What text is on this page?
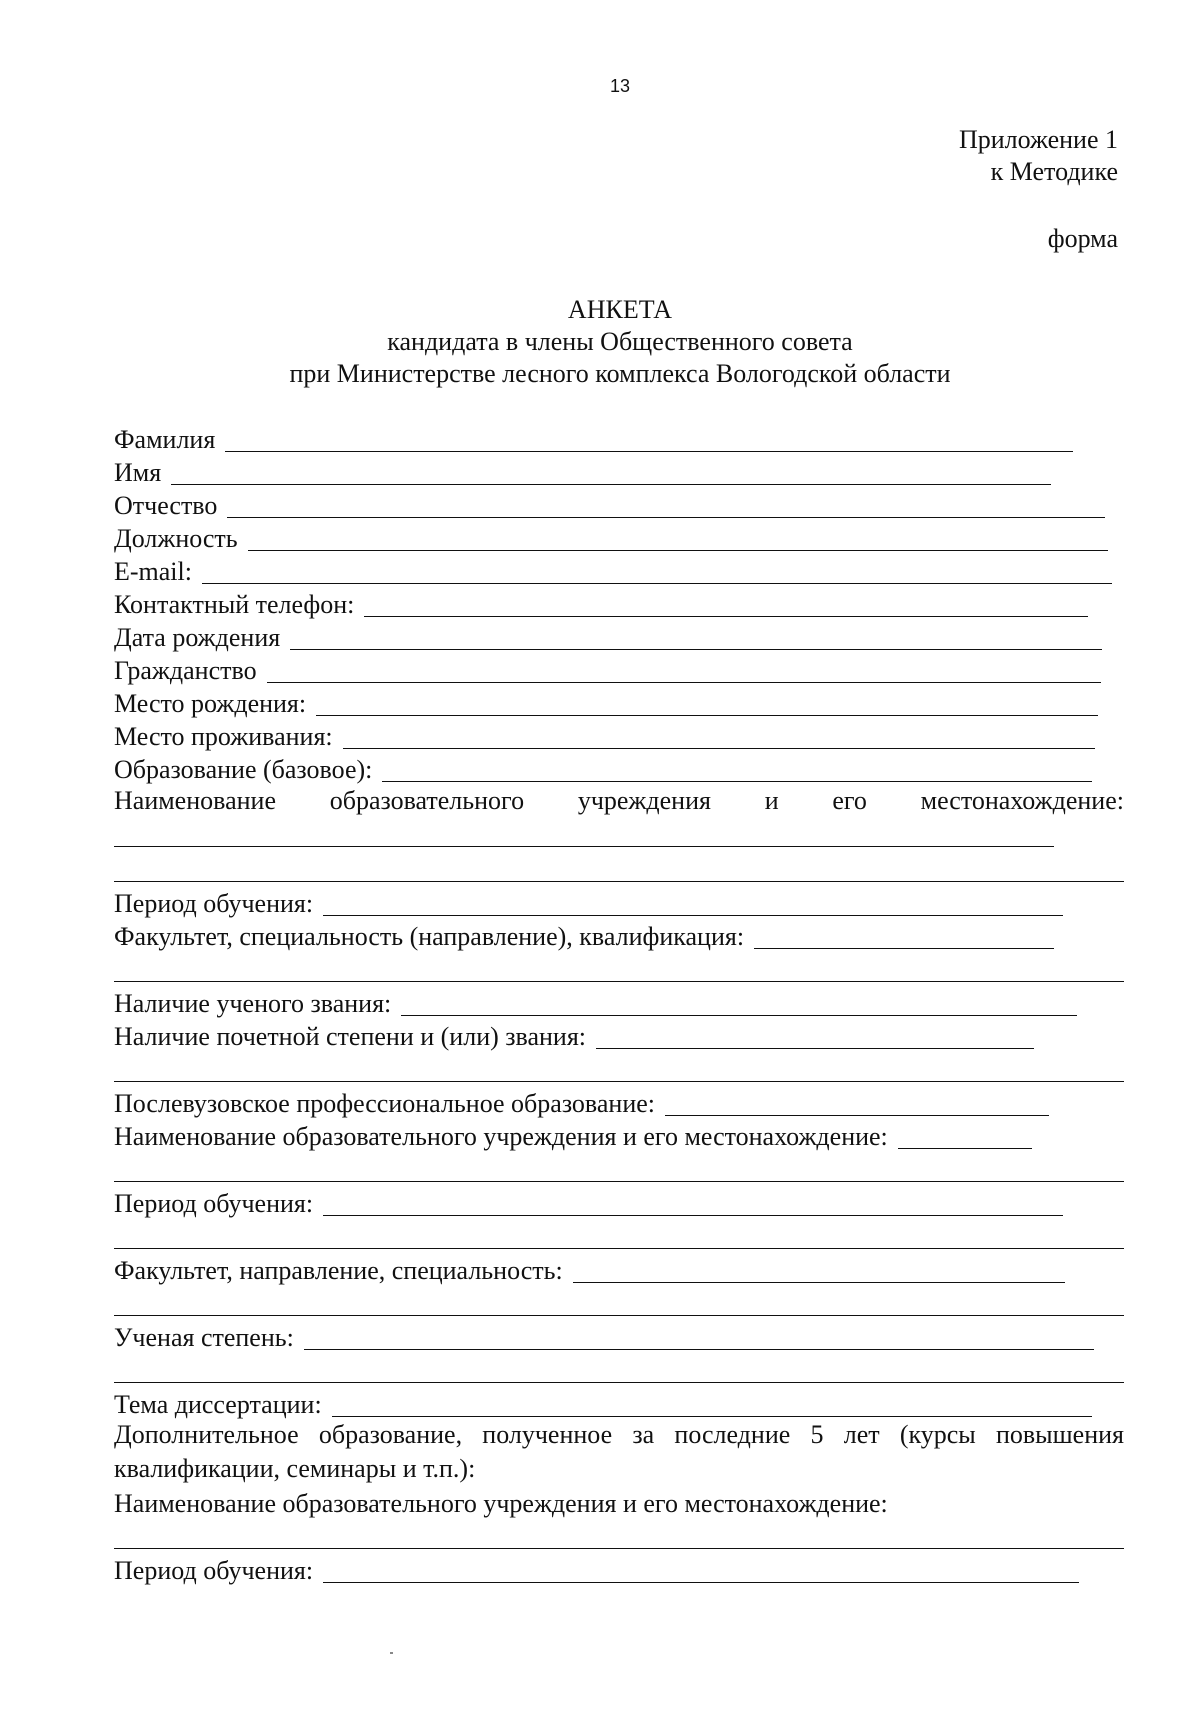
13
Приложение 1
к Методике
форма
АНКЕТА
кандидата в члены Общественного совета
при Министерстве лесного комплекса Вологодской области
Фамилия
Имя
Отчество
Должность
E-mail:
Контактный телефон:
Дата рождения
Гражданство
Место рождения:
Место проживания:
Образование (базовое):
Наименование образовательного учреждения и его местонахождение:
Период обучения:
Факультет, специальность (направление), квалификация:
Наличие ученого звания:
Наличие почетной степени и (или) звания:
Послевузовское профессиональное образование:
Наименование образовательного учреждения и его местонахождение:
Период обучения:
Факультет, направление, специальность:
Ученая степень:
Тема диссертации:
Дополнительное образование, полученное за последние 5 лет (курсы повышения квалификации, семинары и т.п.):
Наименование образовательного учреждения и его местонахождение:
Период обучения:
